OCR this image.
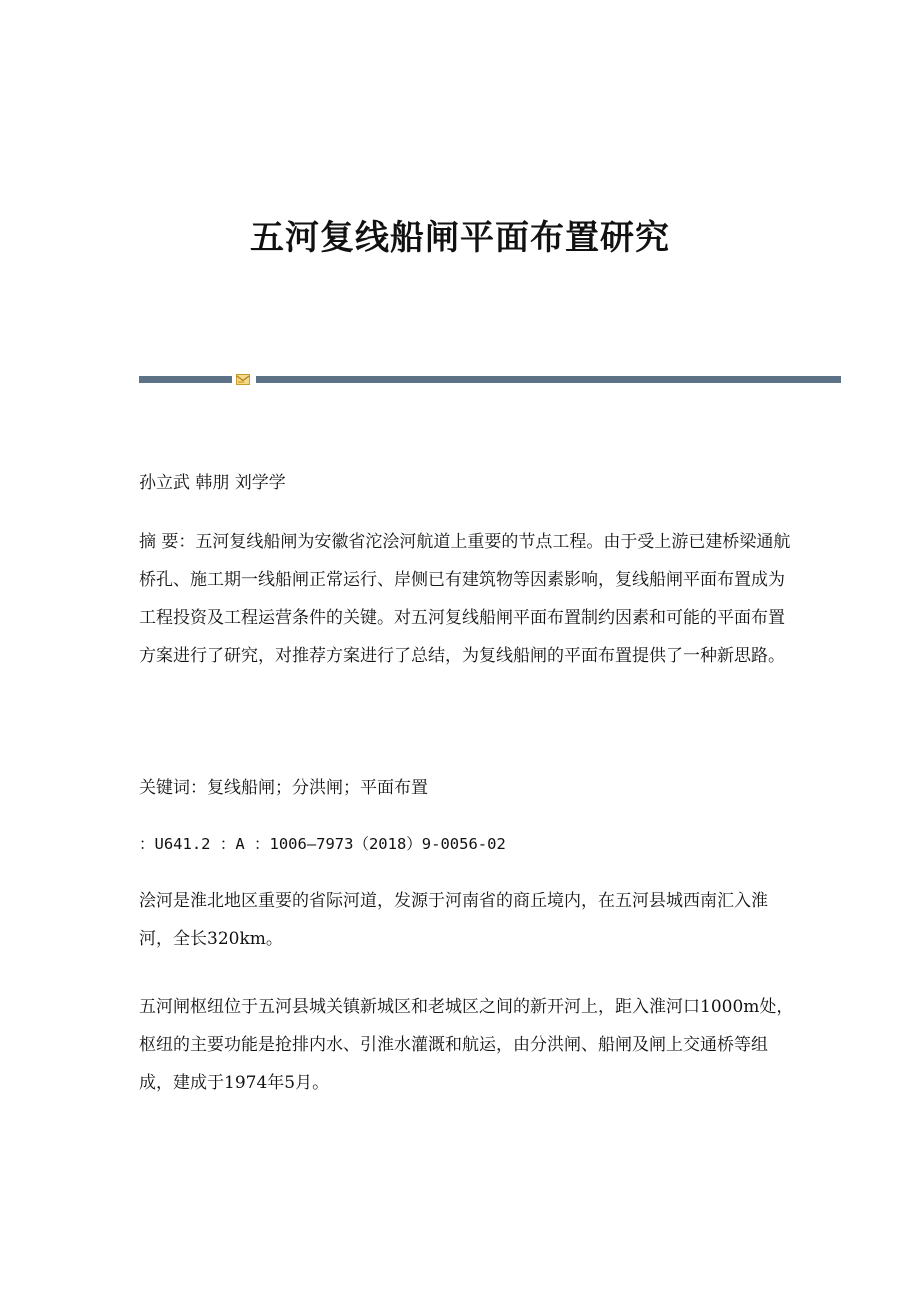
五河复线船闸平面布置研究

孙立武 韩朋 刘学学

摘 要：五河复线船闸为安徽省沱浍河航道上重要的节点工程。由于受上游已建桥梁通航桥孔、施工期一线船闸正常运行、岸侧已有建筑物等因素影响，复线船闸平面布置成为工程投资及工程运营条件的关键。对五河复线船闸平面布置制约因素和可能的平面布置方案进行了研究，对推荐方案进行了总结，为复线船闸的平面布置提供了一种新思路。

关键词：复线船闸；分洪闸；平面布置

：U641.2 ：A ：1006—7973（2018）9-0056-02

浍河是淮北地区重要的省际河道，发源于河南省的商丘境内，在五河县城西南汇入淮河，全长320km。

五河闸枢纽位于五河县城关镇新城区和老城区之间的新开河上，距入淮河口1000m处，枢纽的主要功能是抢排内水、引淮水灌溉和航运，由分洪闸、船闸及闸上交通桥等组成，建成于1974年5月。
